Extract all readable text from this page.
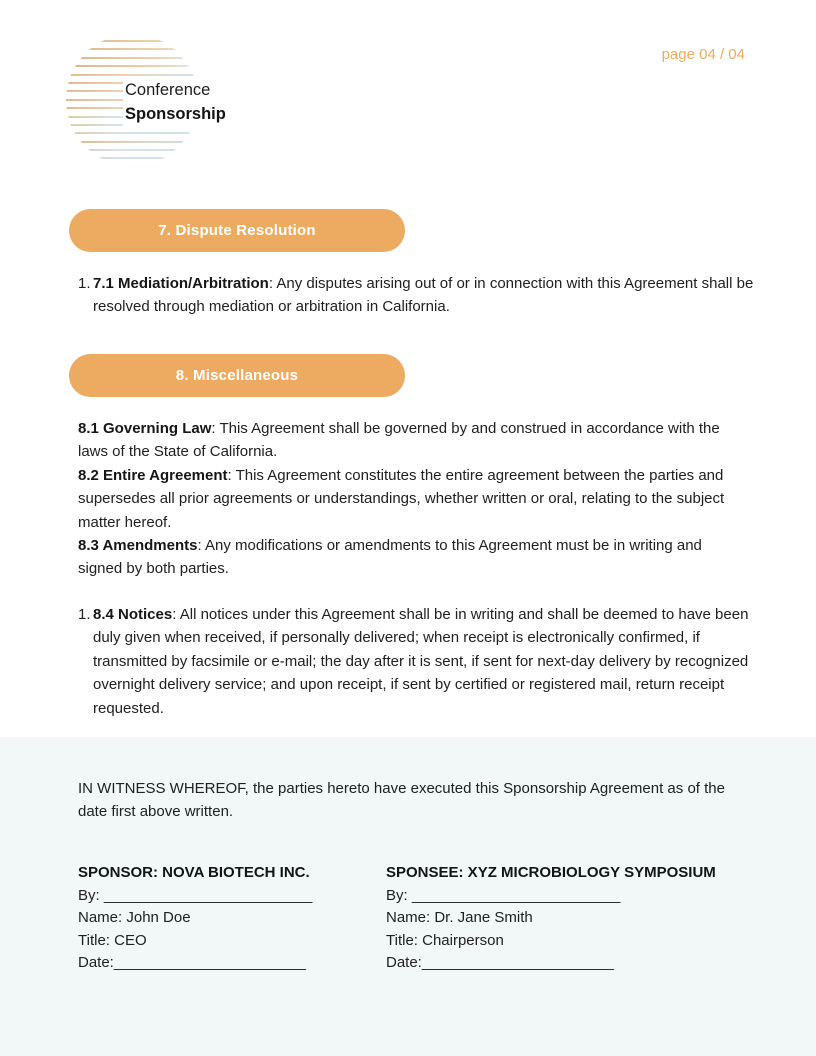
Conference
Sponsorship
page 04 / 04
7. Dispute Resolution
1. 7.1 Mediation/Arbitration: Any disputes arising out of or in connection with this Agreement shall be resolved through mediation or arbitration in California.
8. Miscellaneous

8.1 Governing Law: This Agreement shall be governed by and construed in accordance with the laws of the State of California.

8.2 Entire Agreement: This Agreement constitutes the entire agreement between the parties and supersedes all prior agreements or understandings, whether written or oral, relating to the subject matter hereof.

8.3 Amendments: Any modifications or amendments to this Agreement must be in writing and signed by both parties.

1. 8.4 Notices: All notices under this Agreement shall be in writing and shall be deemed to have been duly given when received, if personally delivered; when receipt is electronically confirmed, if transmitted by facsimile or e-mail; the day after it is sent, if sent for next-day delivery by recognized overnight delivery service; and upon receipt, if sent by certified or registered mail, return receipt requested.
IN WITNESS WHEREOF, the parties hereto have executed this Sponsorship Agreement as of the date first above written.
SPONSOR: NOVA BIOTECH INC.
By: _________________________
Name: John Doe
Title: CEO
Date:_______________________
SPONSEE: XYZ MICROBIOLOGY SYMPOSIUM
By: _________________________
Name: Dr. Jane Smith
Title: Chairperson
Date:_______________________
